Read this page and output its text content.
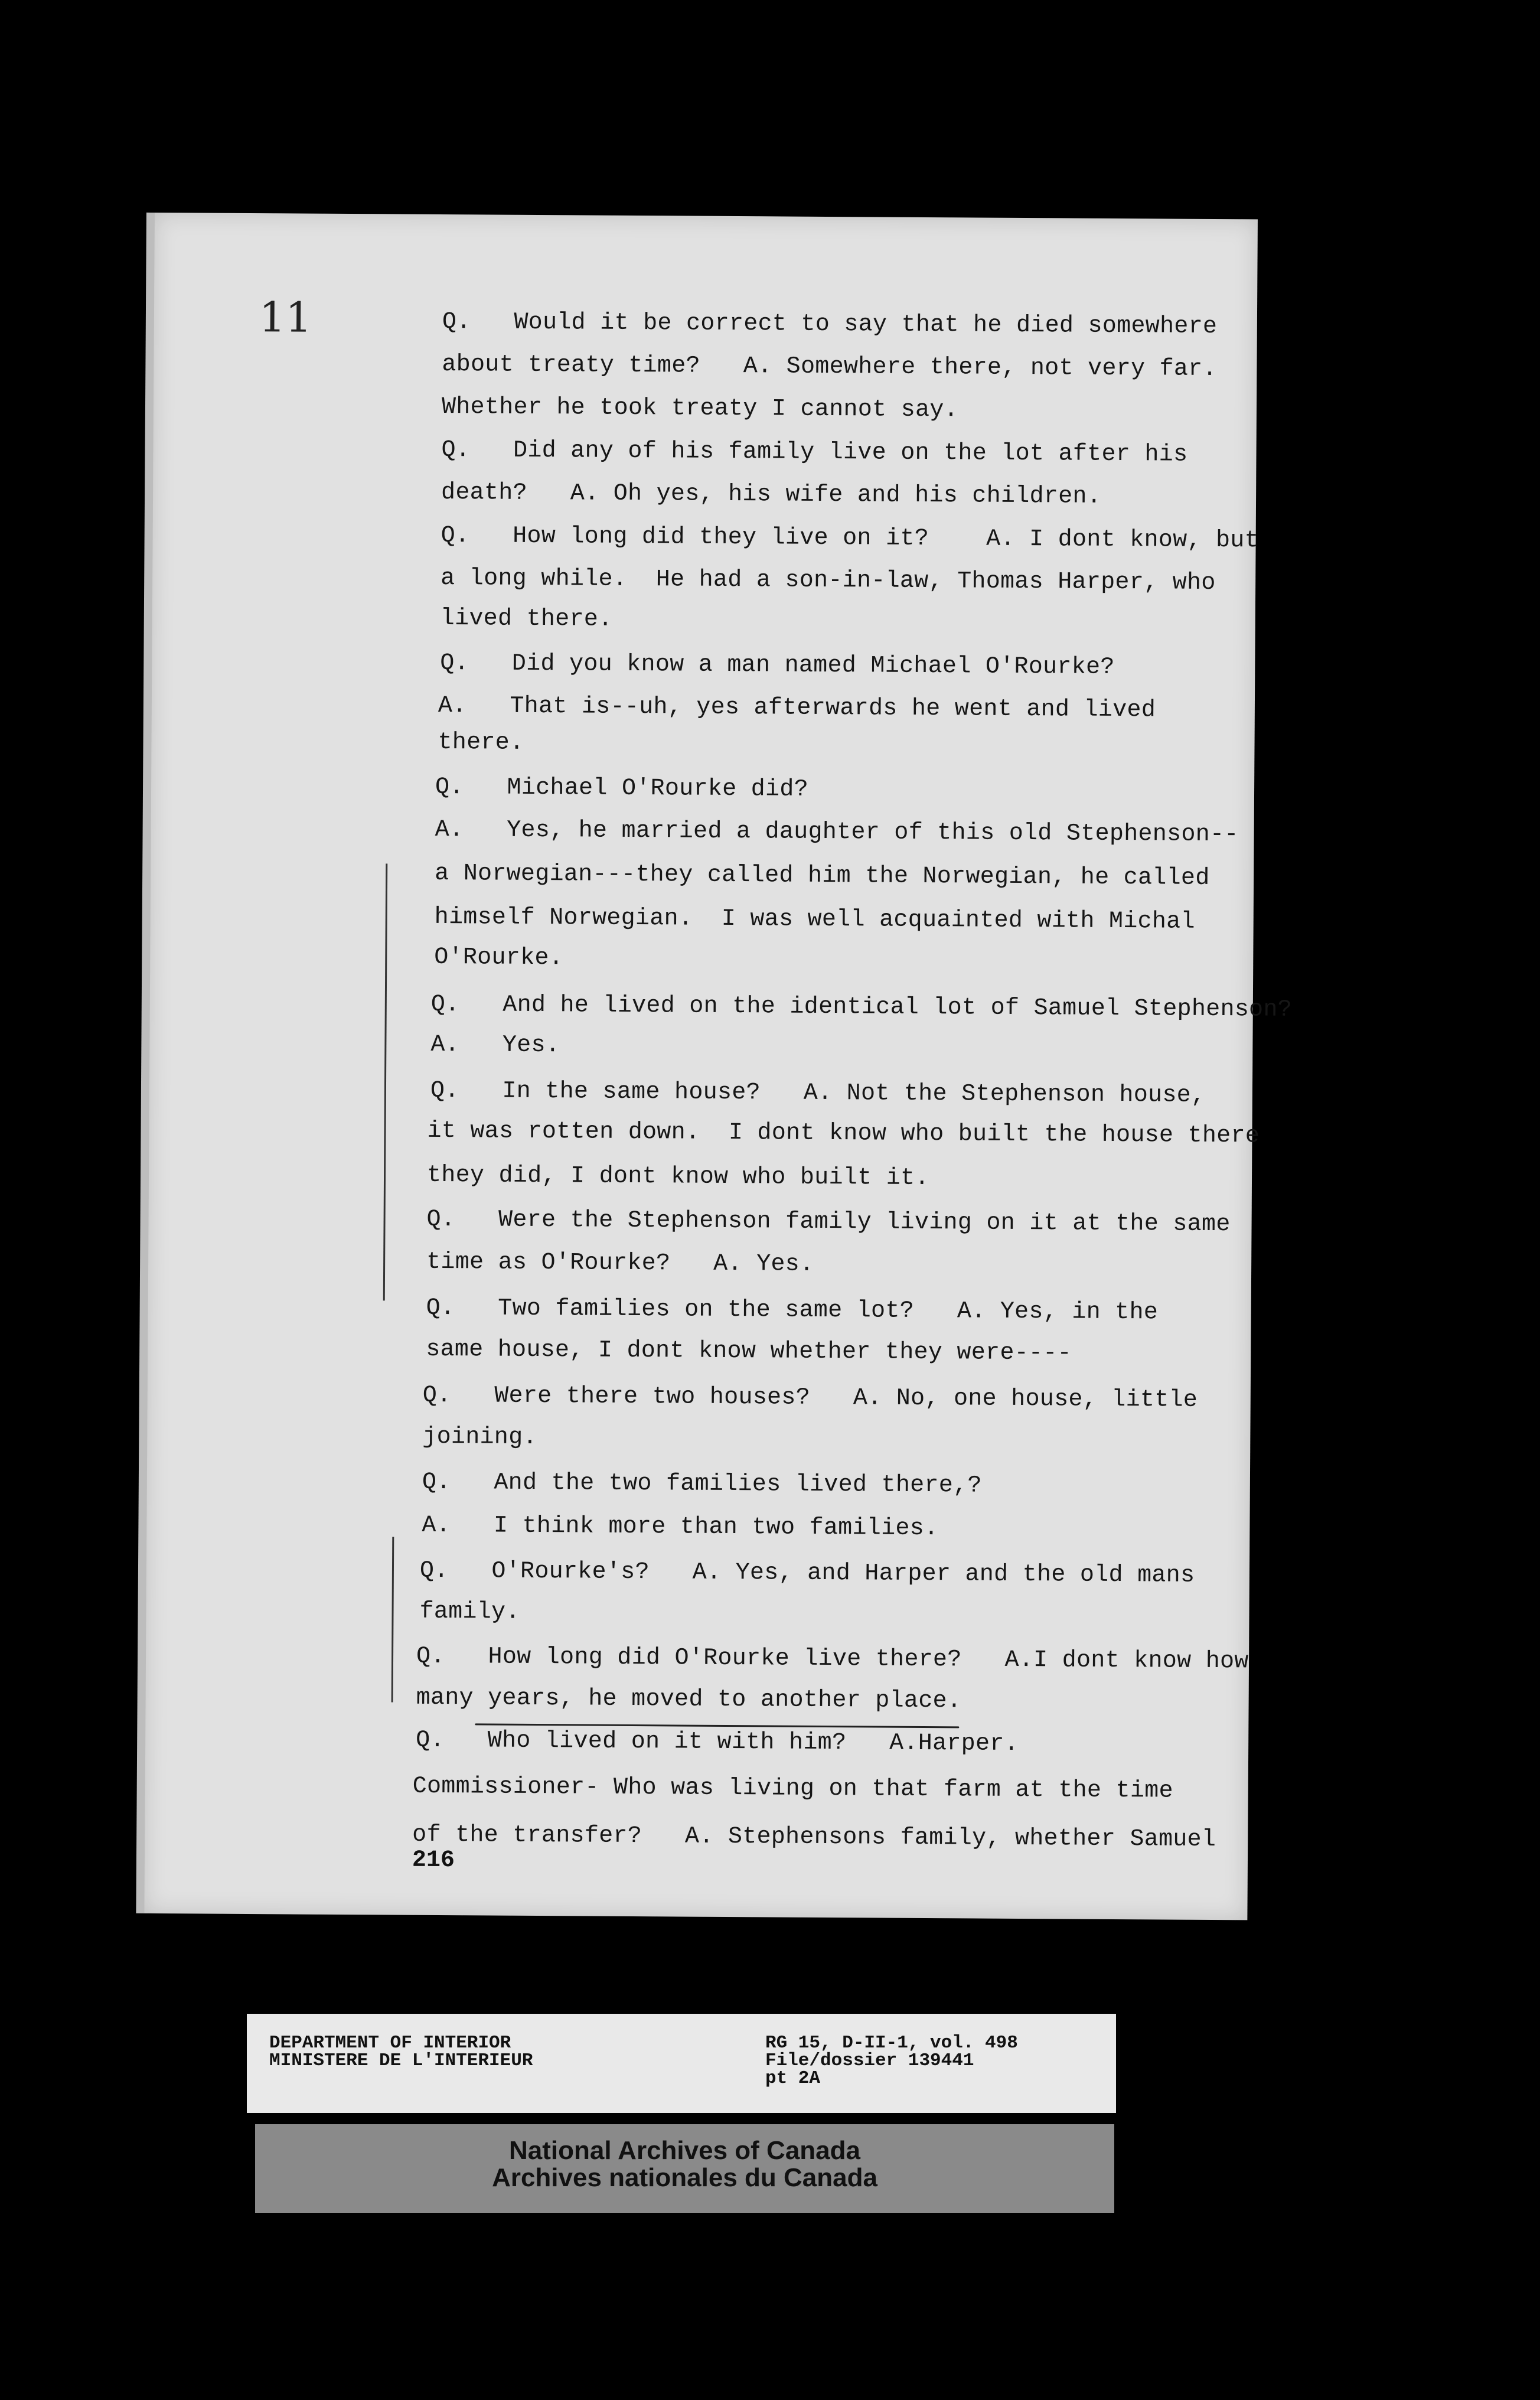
11	Q.   Would it be correct to say that he died somewhere
about treaty time?   A. Somewhere there, not very far.
Whether he took treaty I cannot say.
Q.   Did any of his family live on the lot after his
death?   A. Oh yes, his wife and his children.
Q.   How long did they live on it?    A. I dont know, but
a long while.  He had a son-in-law, Thomas Harper, who
lived there.
Q.   Did you know a man named Michael O'Rourke?
A.   That is--uh, yes afterwards he went and lived
there.
Q.   Michael O'Rourke did?
A.   Yes, he married a daughter of this old Stephenson--
a Norwegian---they called him the Norwegian, he called
himself Norwegian.  I was well acquainted with Michal
O'Rourke.
Q.   And he lived on the identical lot of Samuel Stephenson?
A.   Yes.
Q.   In the same house?   A. Not the Stephenson house,
it was rotten down.  I dont know who built the house there
they did, I dont know who built it.
Q.   Were the Stephenson family living on it at the same
time as O'Rourke?   A. Yes.
Q.   Two families on the same lot?   A. Yes, in the
same house, I dont know whether they were----
Q.   Were there two houses?   A. No, one house, little
joining.
Q.   And the two families lived there,?
A.   I think more than two families.
Q.   O'Rourke's?   A. Yes, and Harper and the old mans
family.
Q.   How long did O'Rourke live there?   A.I dont know how
many years, he moved to another place.
Q.   Who lived on it with him?   A.Harper.
Commissioner- Who was living on that farm at the time
of the transfer?   A. Stephensons family, whether Samuel
216
DEPARTMENT OF INTERIOR
MINISTERE DE L'INTERIEUR
RG 15, D-II-1, vol. 498
File/dossier 139441
pt 2A
National Archives of Canada
Archives nationales du Canada
